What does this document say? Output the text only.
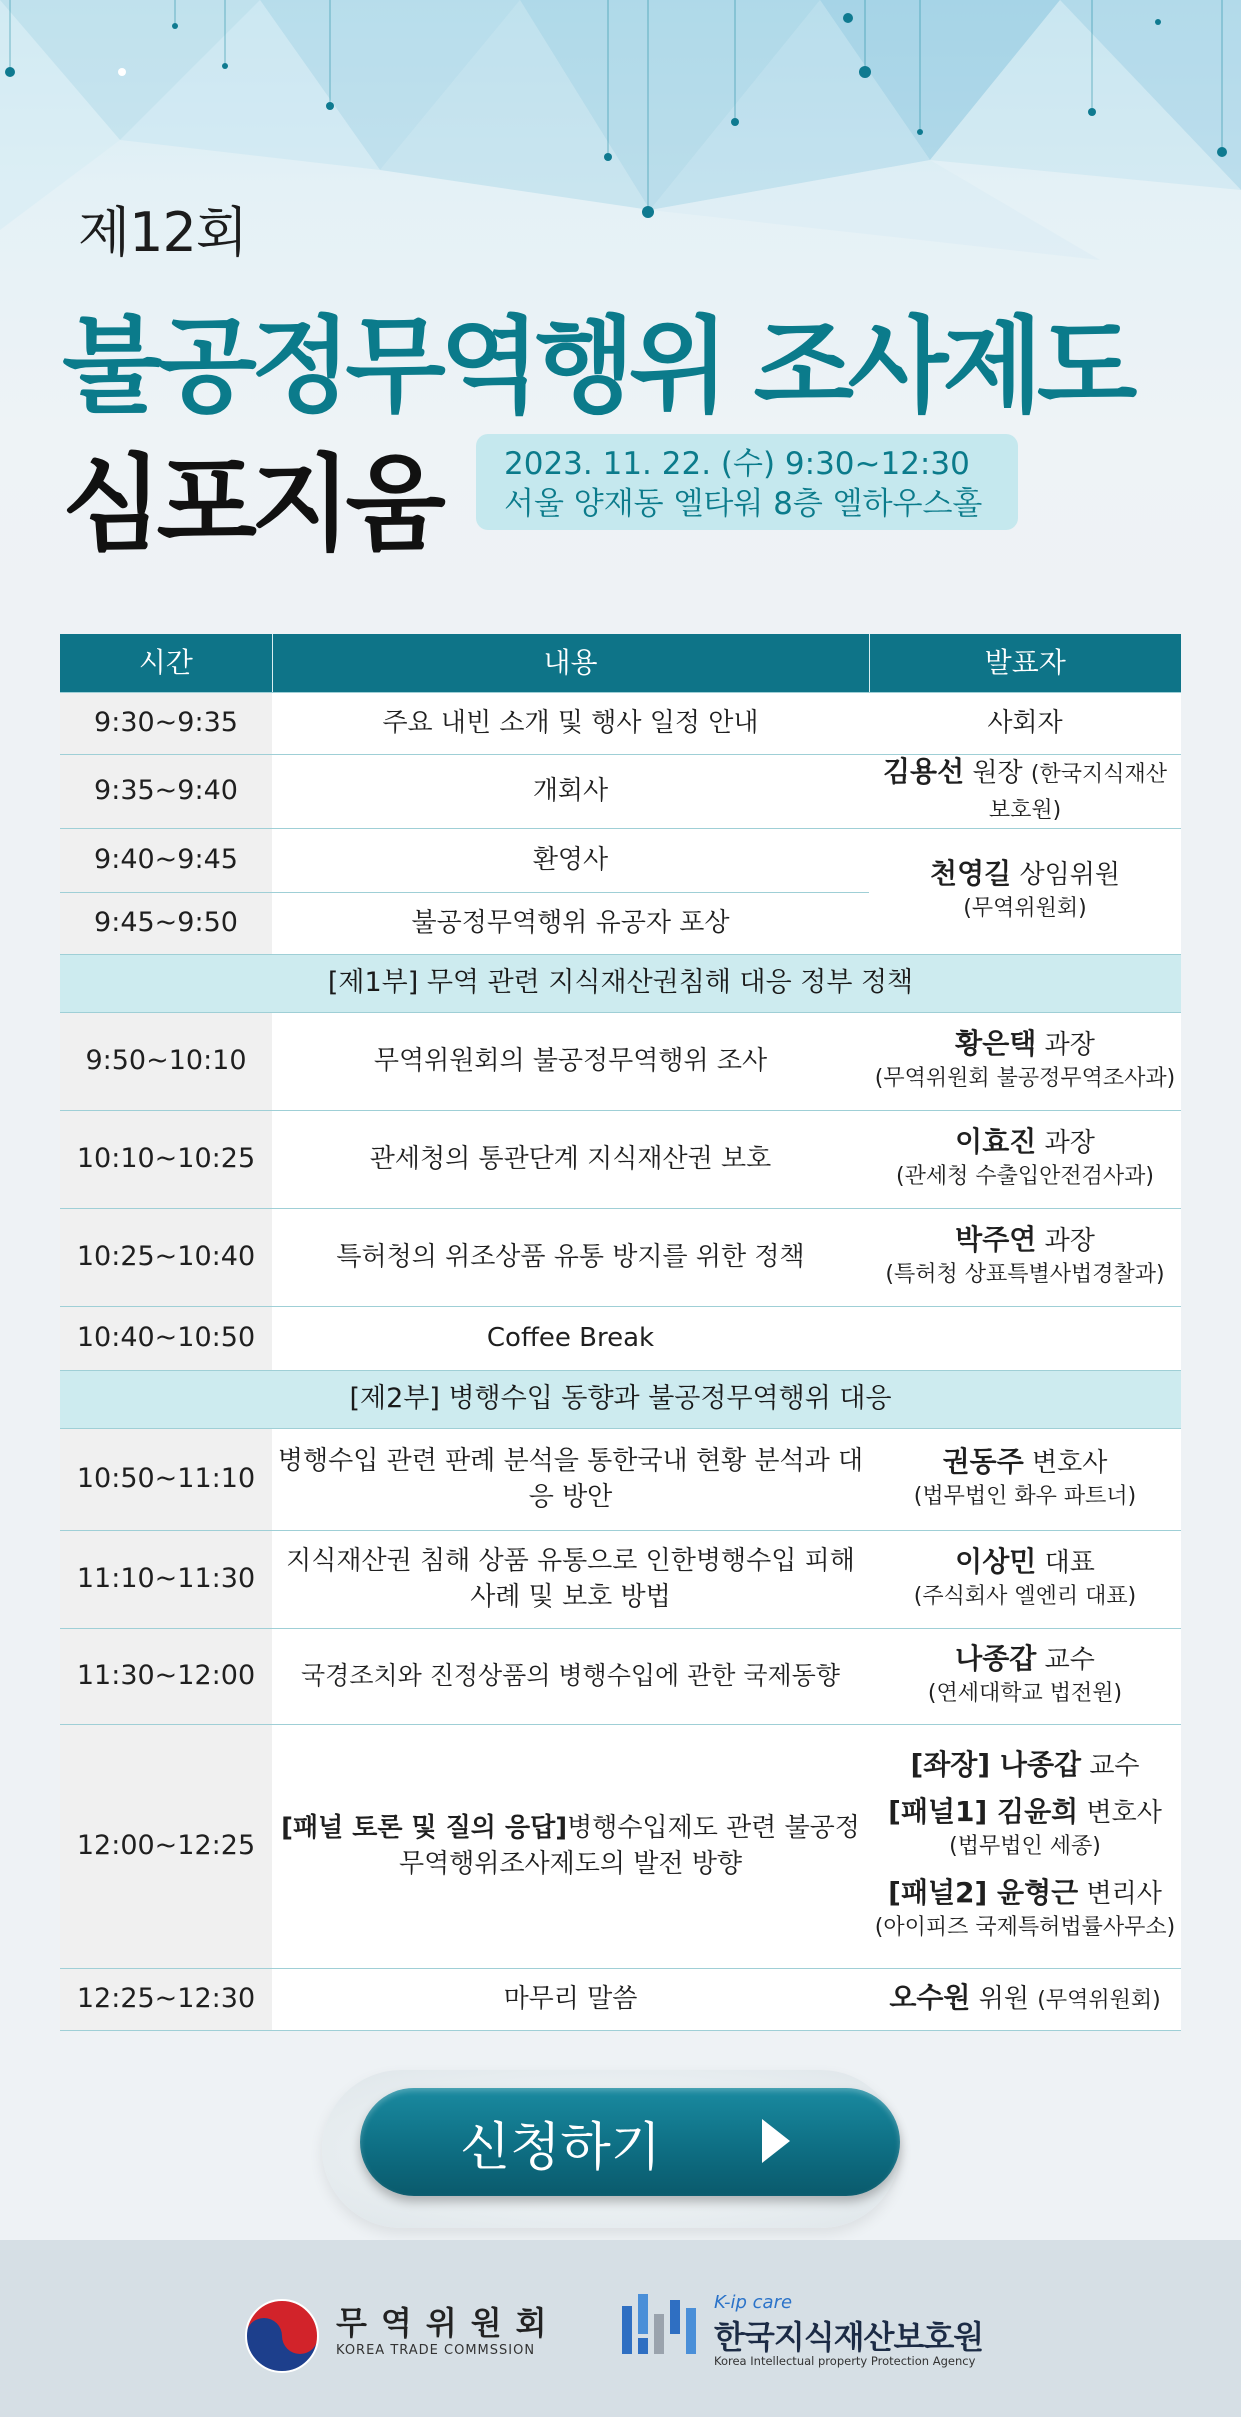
제12회
불공정무역행위 조사제도
심포지움 2023. 11. 22. (수) 9:30~12:30
서울 양재동 엘타워 8층 엘하우스홀
시간	내용	발표자
9:30~9:35	주요 내빈 소개 및 행사 일정 안내	사회자
9:35~9:40	개회사	김용선 원장 (한국지식재산보호원)
9:40~9:45	환영사	천영길 상임위원
(무역위원회)

9:45~9:50	불공정무역행위 유공자 포상	
[제1부] 무역 관련 지식재산권침해 대응 정부 정책		
9:50~10:10	무역위원회의 불공정무역행위 조사	황은택 과장
(무역위원회 불공정무역조사과)

10:10~10:25	관세청의 통관단계 지식재산권 보호	이효진 과장
(관세청 수출입안전검사과)

10:25~10:40	특허청의 위조상품 유통 방지를 위한 정책	박주연 과장
(특허청 상표특별사법경찰과)

10:40~10:50	Coffee Break	
[제2부] 병행수입 동향과 불공정무역행위 대응		
10:50~11:10	병행수입 관련 판례 분석을 통한국내 현황 분석과 대응 방안	권동주 변호사
(법무법인 화우 파트너)

11:10~11:30	지식재산권 침해 상품 유통으로 인한병행수입 피해 사례 및 보호 방법	이상민 대표
(주식회사 엘엔리 대표)

11:30~12:00	국경조치와 진정상품의 병행수입에 관한 국제동향	나종갑 교수
(연세대학교 법전원)

12:00~12:25	[패널 토론 및 질의 응답]병행수입제도 관련 불공정무역행위조사제도의 발전 방향	[좌장] 나종갑 교수
[패널1] 김윤희 변호사
(법무법인 세종)
[패널2] 윤형근 변리사
(아이피즈 국제특허법률사무소)

12:25~12:30	마무리 말씀	오수원 위원 (무역위원회)
신청하기
무역위원회
KOREA TRADE COMMSSION
K-ip care
한국지식재산보호원
Korea Intellectual property Protection Agency
